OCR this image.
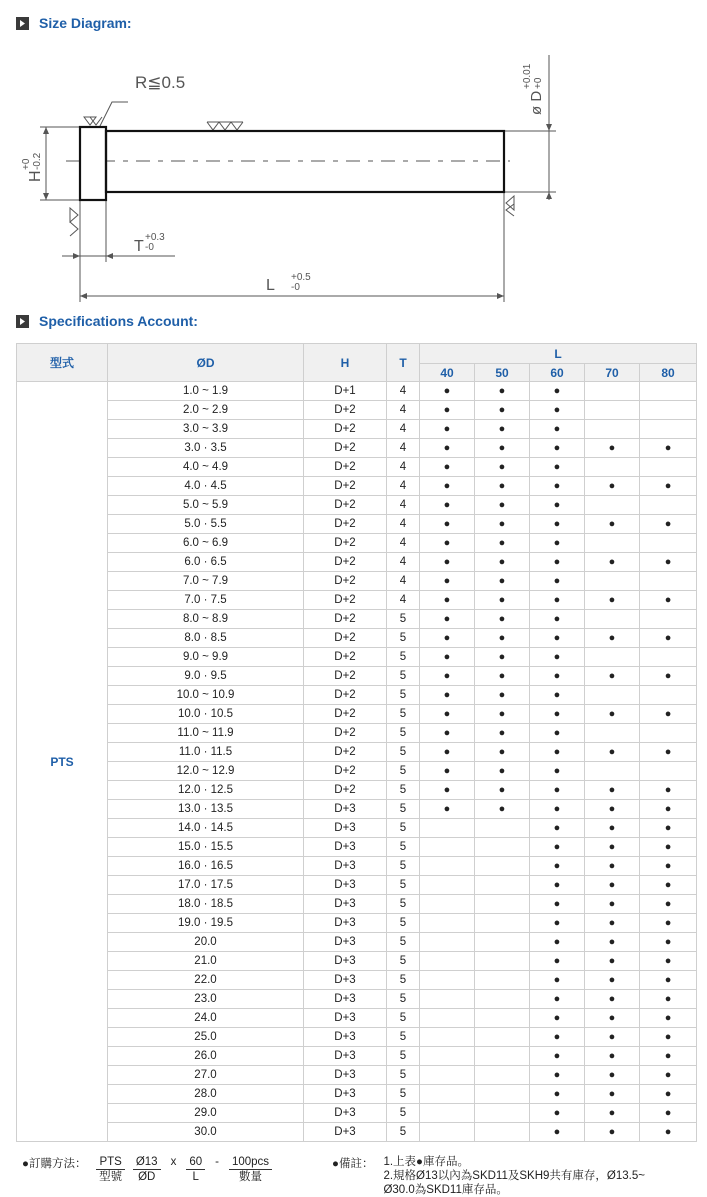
Size Diagram:
R≦0.5
H
+0 -0.2
ø D
+0.01 +0
T
+0.3
-0
L +0.5
-0
Specifications Account:
型式	ØD	H	T	L				
				40	50	60	70	80
PTS	1.0 ~ 1.9	D+1	4	●	●	●		
	2.0 ~ 2.9	D+2	4	●	●	●		
	3.0 ~ 3.9	D+2	4	●	●	●		
	3.0 · 3.5	D+2	4	●	●	●	●	●
	4.0 ~ 4.9	D+2	4	●	●	●		
	4.0 · 4.5	D+2	4	●	●	●	●	●
	5.0 ~ 5.9	D+2	4	●	●	●		
	5.0 · 5.5	D+2	4	●	●	●	●	●
	6.0 ~ 6.9	D+2	4	●	●	●		
	6.0 · 6.5	D+2	4	●	●	●	●	●
	7.0 ~ 7.9	D+2	4	●	●	●		
	7.0 · 7.5	D+2	4	●	●	●	●	●
	8.0 ~ 8.9	D+2	5	●	●	●		
	8.0 · 8.5	D+2	5	●	●	●	●	●
	9.0 ~ 9.9	D+2	5	●	●	●		
	9.0 · 9.5	D+2	5	●	●	●	●	●
	10.0 ~ 10.9	D+2	5	●	●	●		
	10.0 · 10.5	D+2	5	●	●	●	●	●
	11.0 ~ 11.9	D+2	5	●	●	●		
	11.0 · 11.5	D+2	5	●	●	●	●	●
	12.0 ~ 12.9	D+2	5	●	●	●		
	12.0 · 12.5	D+2	5	●	●	●	●	●
	13.0 · 13.5	D+3	5	●	●	●	●	●
	14.0 · 14.5	D+3	5			●	●	●
	15.0 · 15.5	D+3	5			●	●	●
	16.0 · 16.5	D+3	5			●	●	●
	17.0 · 17.5	D+3	5			●	●	●
	18.0 · 18.5	D+3	5			●	●	●
	19.0 · 19.5	D+3	5			●	●	●
	20.0	D+3	5			●	●	●
	21.0	D+3	5			●	●	●
	22.0	D+3	5			●	●	●
	23.0	D+3	5			●	●	●
	24.0	D+3	5			●	●	●
	25.0	D+3	5			●	●	●
	26.0	D+3	5			●	●	●
	27.0	D+3	5			●	●	●
	28.0	D+3	5			●	●	●
	29.0	D+3	5			●	●	●
	30.0	D+3	5			●	●	●
●訂購方法： $\frac{\text{PTS}}{\text{型號}} \frac{Ø13}{ØD}$ x $\frac{60}{L} - \frac{\text{100pcs}}{\text{數量}}$	●備註： 1.上表●庫存品。
2.規格Ø13以內為SKD11及SKH9共有庫存，Ø13.5~
Ø30.0為SKD11庫存品。
